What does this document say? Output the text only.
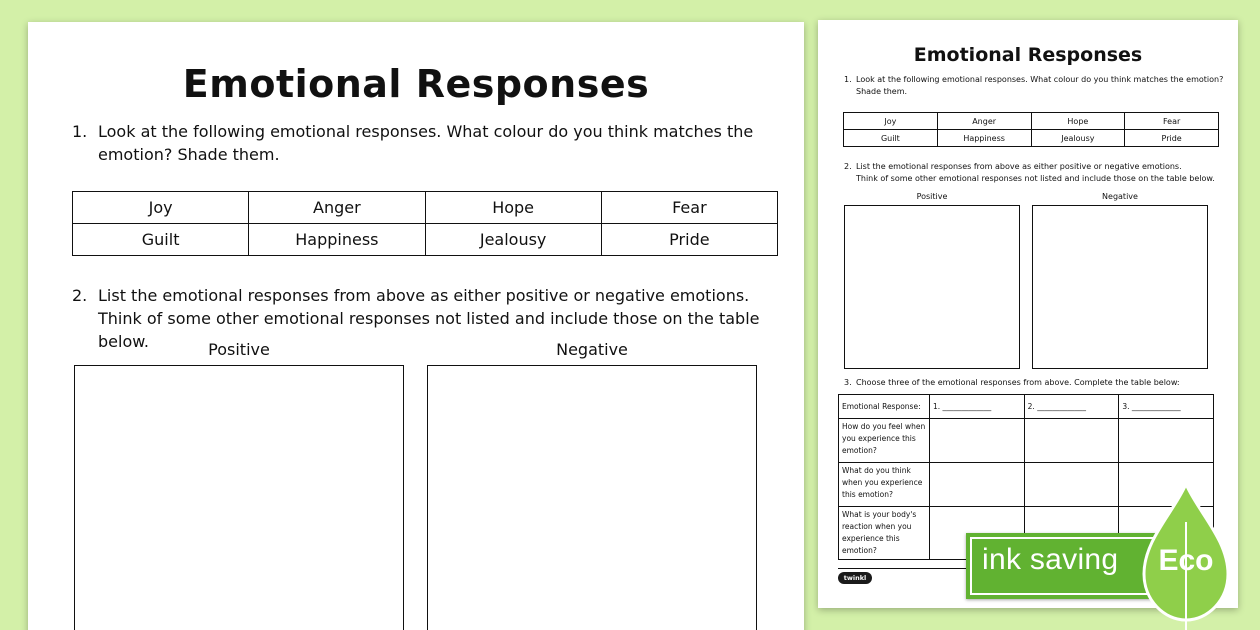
Emotional Responses
1. Look at the following emotional responses. What colour do you think matches the emotion? Shade them.
Joy	Anger	Hope	Fear
Guilt	Happiness	Jealousy	Pride
2. List the emotional responses from above as either positive or negative emotions.
Think of some other emotional responses not listed and include those on the table below.	Positive	Negative
Emotional Responses
1. Look at the following emotional responses. What colour do you think matches the emotion? Shade them.
Joy	Anger	Hope	Fear
Guilt	Happiness	Jealousy	Pride
2. List the emotional responses from above as either positive or negative emotions.
Think of some other emotional responses not listed and include those on the table below.
Positive	Negative
3. Choose three of the emotional responses from above. Complete the table below:
Emotional Response:	1. _____________	2. _____________	3. _____________
How do you feel when you experience this emotion?			
What do you think when you experience this emotion?			
What is your body's reaction when you experience this emotion?			
twinkl
ink saving	Eco
